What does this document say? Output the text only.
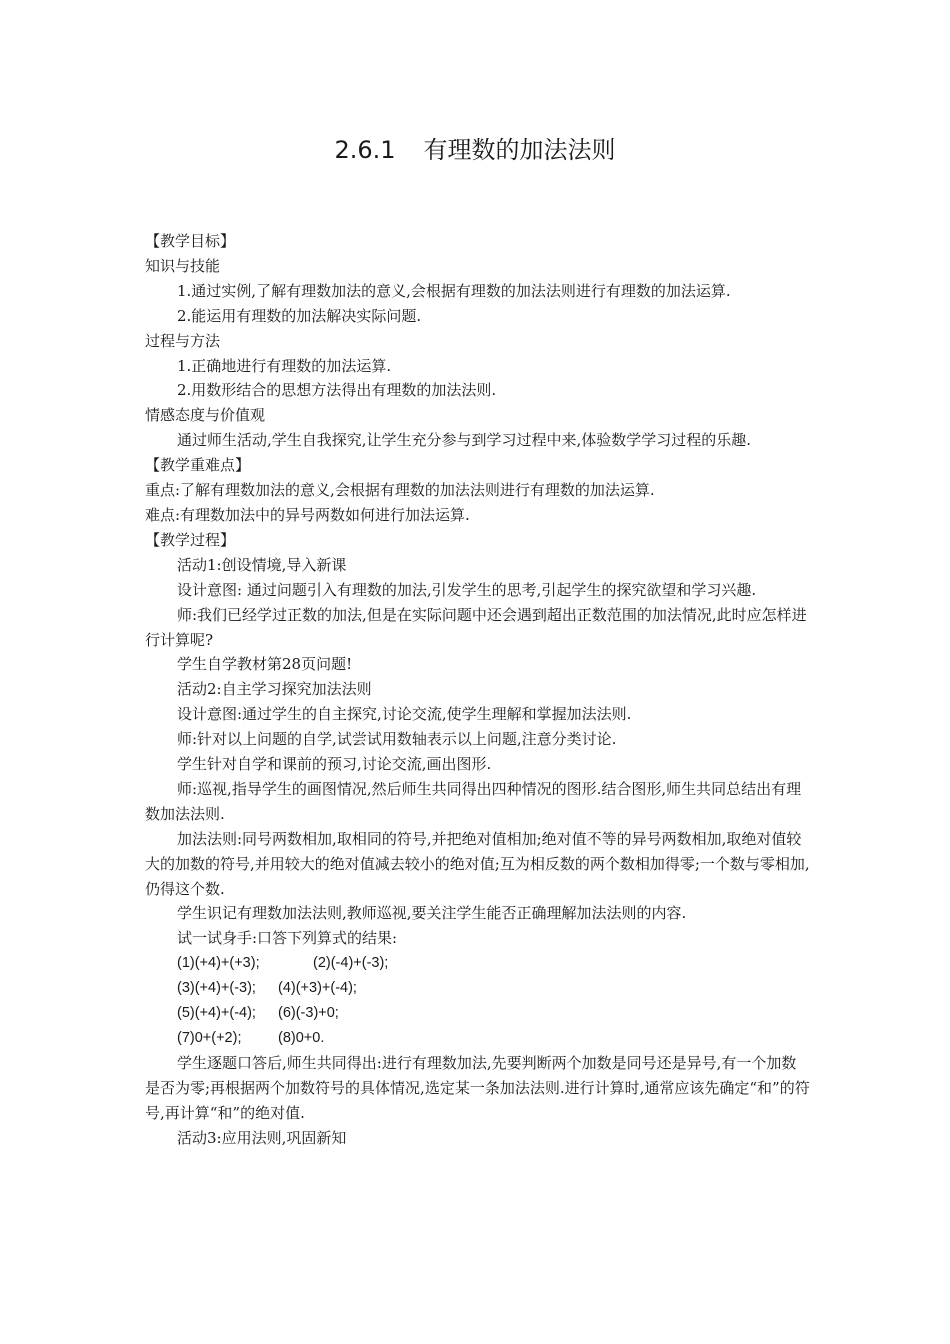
2.6.1 有理数的加法法则

【教学目标】

知识与技能

1.通过实例,了解有理数加法的意义,会根据有理数的加法法则进行有理数的加法运算.

2.能运用有理数的加法解决实际问题.

过程与方法

1.正确地进行有理数的加法运算.

2.用数形结合的思想方法得出有理数的加法法则.

情感态度与价值观

通过师生活动,学生自我探究,让学生充分参与到学习过程中来,体验数学学习过程的乐趣.

【教学重难点】

重点:了解有理数加法的意义,会根据有理数的加法法则进行有理数的加法运算.

难点:有理数加法中的异号两数如何进行加法运算.

【教学过程】

活动1:创设情境,导入新课

设计意图: 通过问题引入有理数的加法,引发学生的思考,引起学生的探究欲望和学习兴趣.

师:我们已经学过正数的加法,但是在实际问题中还会遇到超出正数范围的加法情况,此时应怎样进行计算呢?

学生自学教材第28页问题!

活动2:自主学习探究加法法则

设计意图:通过学生的自主探究,讨论交流,使学生理解和掌握加法法则.

师:针对以上问题的自学,试尝试用数轴表示以上问题,注意分类讨论.

学生针对自学和课前的预习,讨论交流,画出图形.

师:巡视,指导学生的画图情况,然后师生共同得出四种情况的图形.结合图形,师生共同总结出有理数加法法则.

加法法则:同号两数相加,取相同的符号,并把绝对值相加;绝对值不等的异号两数相加,取绝对值较大的加数的符号,并用较大的绝对值减去较小的绝对值;互为相反数的两个数相加得零;一个数与零相加,仍得这个数.

学生识记有理数加法法则,教师巡视,要关注学生能否正确理解加法法则的内容.

试一试身手:口答下列算式的结果:

(1)(+4)+(+3);	(2)(-4)+(-3);

(3)(+4)+(-3); (4)(+3)+(-4);

(5)(+4)+(-4); (6)(-3)+0;

(7)0+(+2);	(8)0+0.

学生逐题口答后,师生共同得出:进行有理数加法,先要判断两个加数是同号还是异号,有一个加数是否为零;再根据两个加数符号的具体情况,选定某一条加法法则.进行计算时,通常应该先确定“和”的符号,再计算“和”的绝对值.

活动3:应用法则,巩固新知
